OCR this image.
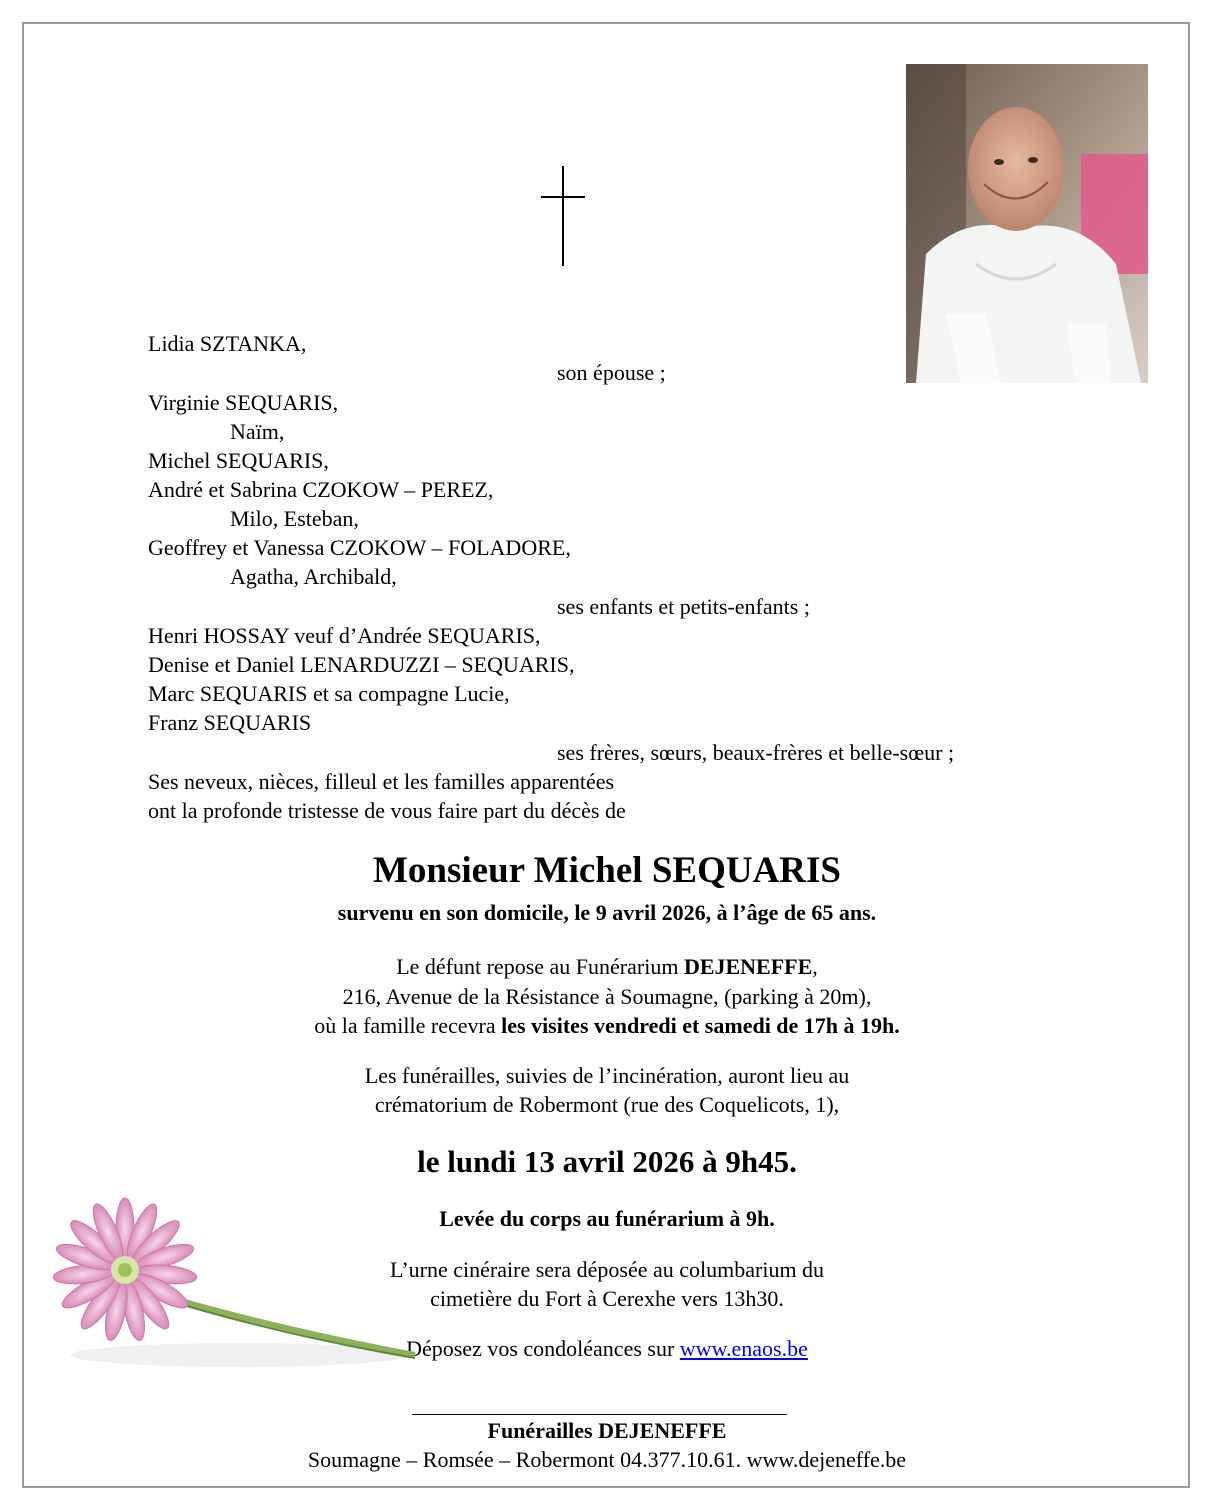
Lidia SZTANKA,
son épouse ;
Virginie SEQUARIS,
Naïm,
Michel SEQUARIS,
André et Sabrina CZOKOW – PEREZ,
Milo, Esteban,
Geoffrey et Vanessa CZOKOW – FOLADORE,
Agatha, Archibald,
ses enfants et petits-enfants ;
Henri HOSSAY veuf d’Andrée SEQUARIS,
Denise et Daniel LENARDUZZI – SEQUARIS,
Marc SEQUARIS et sa compagne Lucie,
Franz SEQUARIS
ses frères, sœurs, beaux-frères et belle-sœur ;
Ses neveux, nièces, filleul et les familles apparentées
ont la profonde tristesse de vous faire part du décès de
Monsieur Michel SEQUARIS
survenu en son domicile, le 9 avril 2026, à l’âge de 65 ans.
Le défunt repose au Funérarium DEJENEFFE,
216, Avenue de la Résistance à Soumagne, (parking à 20m),
où la famille recevra les visites vendredi et samedi de 17h à 19h.
Les funérailles, suivies de l’incinération, auront lieu au
crématorium de Robermont (rue des Coquelicots, 1),
le lundi 13 avril 2026 à 9h45.
Levée du corps au funérarium à 9h.
L’urne cinéraire sera déposée au columbarium du
cimetière du Fort à Cerexhe vers 13h30.
Déposez vos condoléances sur www.enaos.be
Funérailles DEJENEFFE
Soumagne – Romsée – Robermont 04.377.10.61. www.dejeneffe.be
